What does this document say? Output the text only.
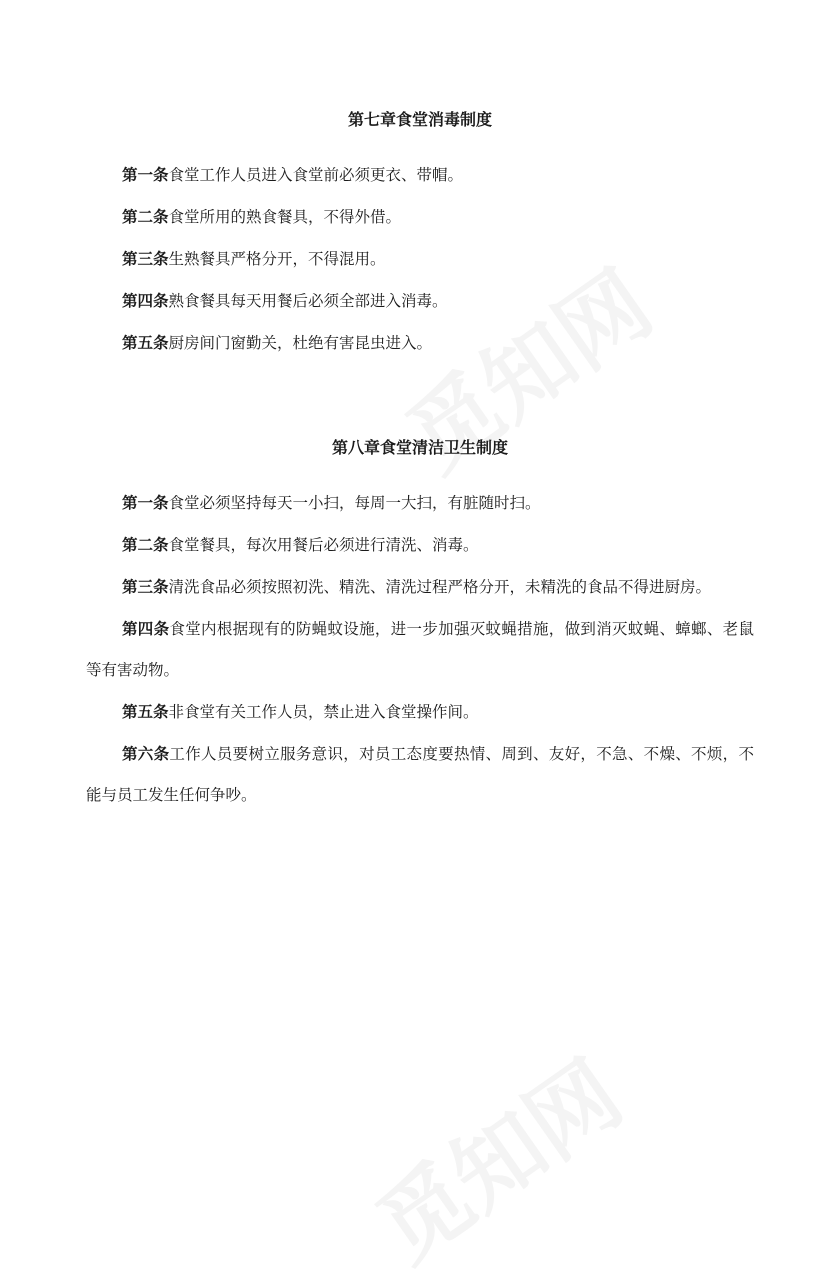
第七章食堂消毒制度

第一条食堂工作人员进入食堂前必须更衣、带帽。

第二条食堂所用的熟食餐具，不得外借。

第三条生熟餐具严格分开，不得混用。

第四条熟食餐具每天用餐后必须全部进入消毒。

第五条厨房间门窗勤关，杜绝有害昆虫进入。

第八章食堂清洁卫生制度

第一条食堂必须坚持每天一小扫，每周一大扫，有脏随时扫。

第二条食堂餐具，每次用餐后必须进行清洗、消毒。

第三条清洗食品必须按照初洗、精洗、清洗过程严格分开，未精洗的食品不得进厨房。

第四条食堂内根据现有的防蝇蚊设施，进一步加强灭蚊蝇措施，做到消灭蚊蝇、蟑螂、老鼠等有害动物。

第五条非食堂有关工作人员，禁止进入食堂操作间。

第六条工作人员要树立服务意识，对员工态度要热情、周到、友好，不急、不燥、不烦，不能与员工发生任何争吵。
